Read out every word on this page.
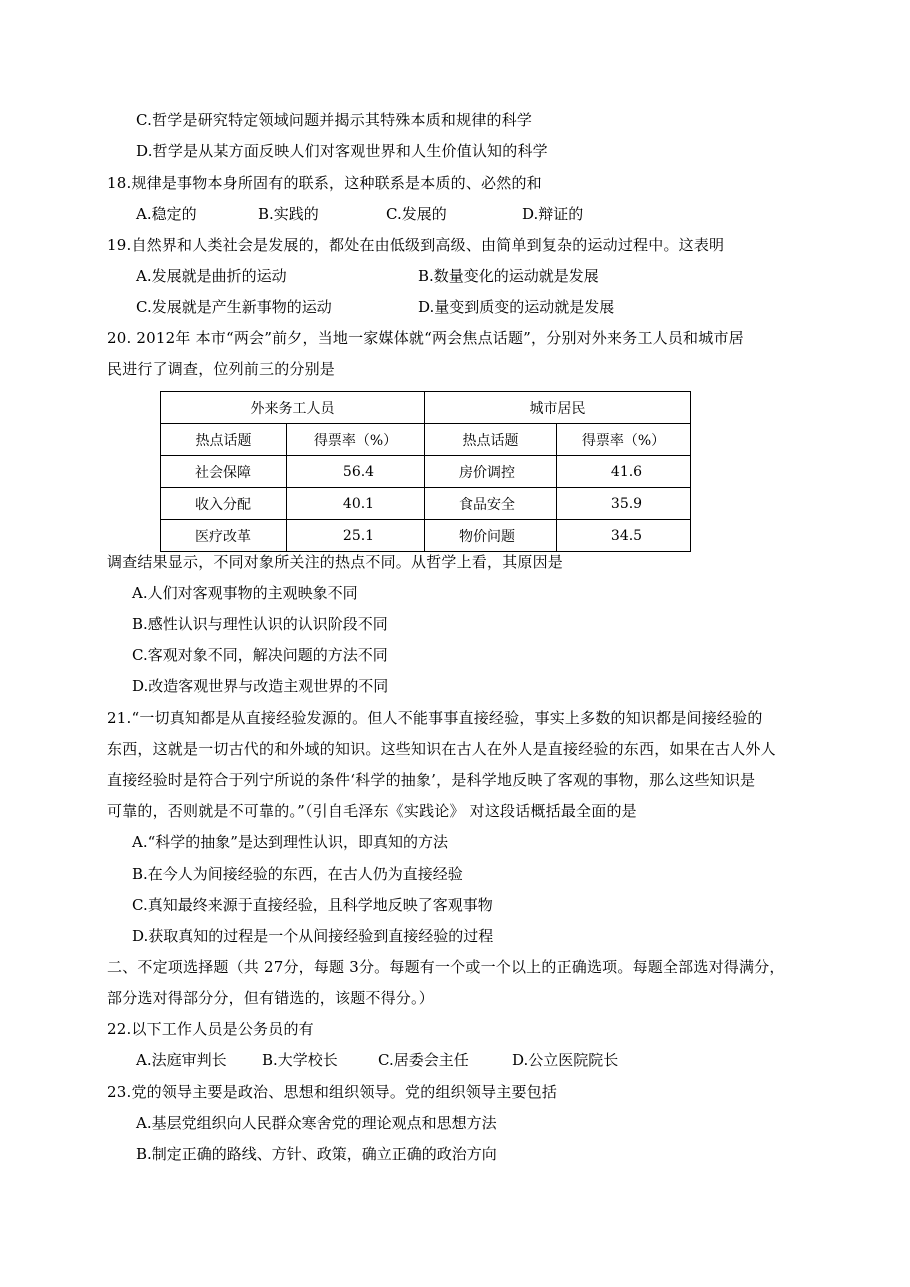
C.哲学是研究特定领域问题并揭示其特殊本质和规律的科学
D.哲学是从某方面反映人们对客观世界和人生价值认知的科学
18.规律是事物本身所固有的联系，这种联系是本质的、必然的和
A.稳定的	B.实践的	C.发展的	D.辩证的
19.自然界和人类社会是发展的，都处在由低级到高级、由简单到复杂的运动过程中。这表明
A.发展就是曲折的运动	B.数量变化的运动就是发展
C.发展就是产生新事物的运动	D.量变到质变的运动就是发展
20. 2012年 本市“两会”前夕，当地一家媒体就“两会焦点话题”，分别对外来务工人员和城市居
民进行了调查，位列前三的分别是
外来务工人员		城市居民	
热点话题	得票率（%）	热点话题	得票率（%）
社会保障	56.4	房价调控	41.6
收入分配	40.1	食品安全	35.9
医疗改革	25.1	物价问题	34.5
调查结果显示，不同对象所关注的热点不同。从哲学上看，其原因是
A.人们对客观事物的主观映象不同
B.感性认识与理性认识的认识阶段不同
C.客观对象不同，解决问题的方法不同
D.改造客观世界与改造主观世界的不同
21.“一切真知都是从直接经验发源的。但人不能事事直接经验，事实上多数的知识都是间接经验的
东西，这就是一切古代的和外域的知识。这些知识在古人在外人是直接经验的东西，如果在古人外人
直接经验时是符合于列宁所说的条件‘科学的抽象’，是科学地反映了客观的事物，那么这些知识是
可靠的，否则就是不可靠的。”（引自毛泽东《实践论》 对这段话概括最全面的是
A.“科学的抽象”是达到理性认识，即真知的方法
B.在今人为间接经验的东西，在古人仍为直接经验
C.真知最终来源于直接经验，且科学地反映了客观事物
D.获取真知的过程是一个从间接经验到直接经验的过程
二、不定项选择题（共 27分，每题 3分。每题有一个或一个以上的正确选项。每题全部选对得满分，
部分选对得部分分，但有错选的，该题不得分。）
22.以下工作人员是公务员的有
A.法庭审判长 B.大学校长	C.居委会主任	D.公立医院院长
23.党的领导主要是政治、思想和组织领导。党的组织领导主要包括
A.基层党组织向人民群众寒舍党的理论观点和思想方法
B.制定正确的路线、方针、政策，确立正确的政治方向
